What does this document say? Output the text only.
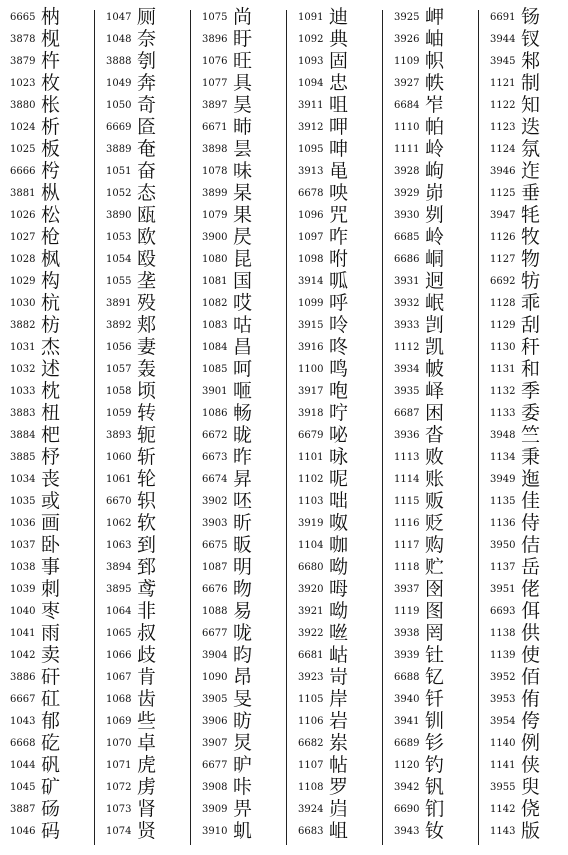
6665 枘
3878 枧
3879 杵
1023 枚
3880 枨
1024 析
1025 板
6666 枍
3881 枞
1026 松
1027 枪
1028 枫
1029 构
1030 杭
3882 枋
1031 杰
1032 述
1033 枕
3883 杻
3884 杷
3885 杼
1034 丧
1035 或
1036 画
1037 卧
1038 事
1039 刺
1040 枣
1041 雨
1042 卖
3886 矸
6667 矼
1043 郁
6668 矻
1044 矾
1045 矿
3887 砀
1046 码
1047 厕
1048 奈
3888 刳
1049 奔
1050 奇
6669 匼
3889 奄
1051 奋
1052 态
3890 瓯
1053 欧
1054 殴
1055 垄
3891 殁
3892 郏
1056 妻
1057 轰
1058 顷
1059 转
3893 轭
1060 斩
1061 轮
6670 轵
1062 软
1063 到
3894 郅
3895 鸢
1064 非
1065 叔
1066 歧
1067 肯
1068 齿
1069 些
1070 卓
1071 虎
1072 虏
1073 肾
1074 贤
1075 尚
3896 盱
1076 旺
1077 具
3897 昊
6671 昁
3898 昙
1078 味
3899 杲
1079 果
3900 昃
1080 昆
1081 国
1082 哎
1083 咕
1084 昌
1085 呵
3901 咂
1086 畅
6672 昽
6673 昨
6674 昇
3902 呸
3903 昕
6675 昄
1087 明
6676 昒
1088 易
6677 咙
3904 昀
1090 昂
3905 旻
3906 昉
3907 炅
6677 昈
3908 咔
3909 畀
3910 虮
1091 迪
1092 典
1093 固
1094 忠
3911 咀
3912 呷
1095 呻
3913 黾
6678 咉
1096 咒
1097 咋
1098 咐
3914 呱
1099 呼
3915 呤
3916 咚
1100 鸣
3917 咆
3918 咛
6679 咇
1101 咏
1102 呢
1103 咄
3919 呶
1104 咖
6680 呦
3920 呣
3921 呦
3922 咝
6681 岵
3923 岢
1105 岸
1106 岩
6682 岽
1107 帖
1108 罗
3924 岿
6683 岨
3925 岬
3926 岫
1109 帜
3927 帙
6684 岝
1110 帕
1111 岭
3928 岣
3929 峁
3930 刿
6685 岭
6686 峒
3931 迥
3932 岷
3933 剀
1112 凯
3934 帔
3935 峄
6687 困
3936 沓
1113 败
1114 账
1115 贩
1116 贬
1117 购
1118 贮
3937 囹
1119 图
3938 罔
3939 钍
6688 钇
3940 钎
3941 钏
6689 钐
1120 钓
3942 钒
6690 钔
3943 钕
6691 钖
3944 钗
3945 邾
1121 制
1122 知
1123 迭
1124 氛
3946 迮
1125 垂
3947 牦
1126 牧
1127 物
6692 牥
1128 乖
1129 刮
1130 秆
1131 和
1132 季
1133 委
3948 竺
1134 秉
3949 迤
1135 佳
1136 侍
3950 佶
1137 岳
3951 佬
6693 佴
1138 供
1139 使
3952 佰
3953 侑
3954 侉
1140 例
1141 侠
3955 臾
1142 侥
1143 版
